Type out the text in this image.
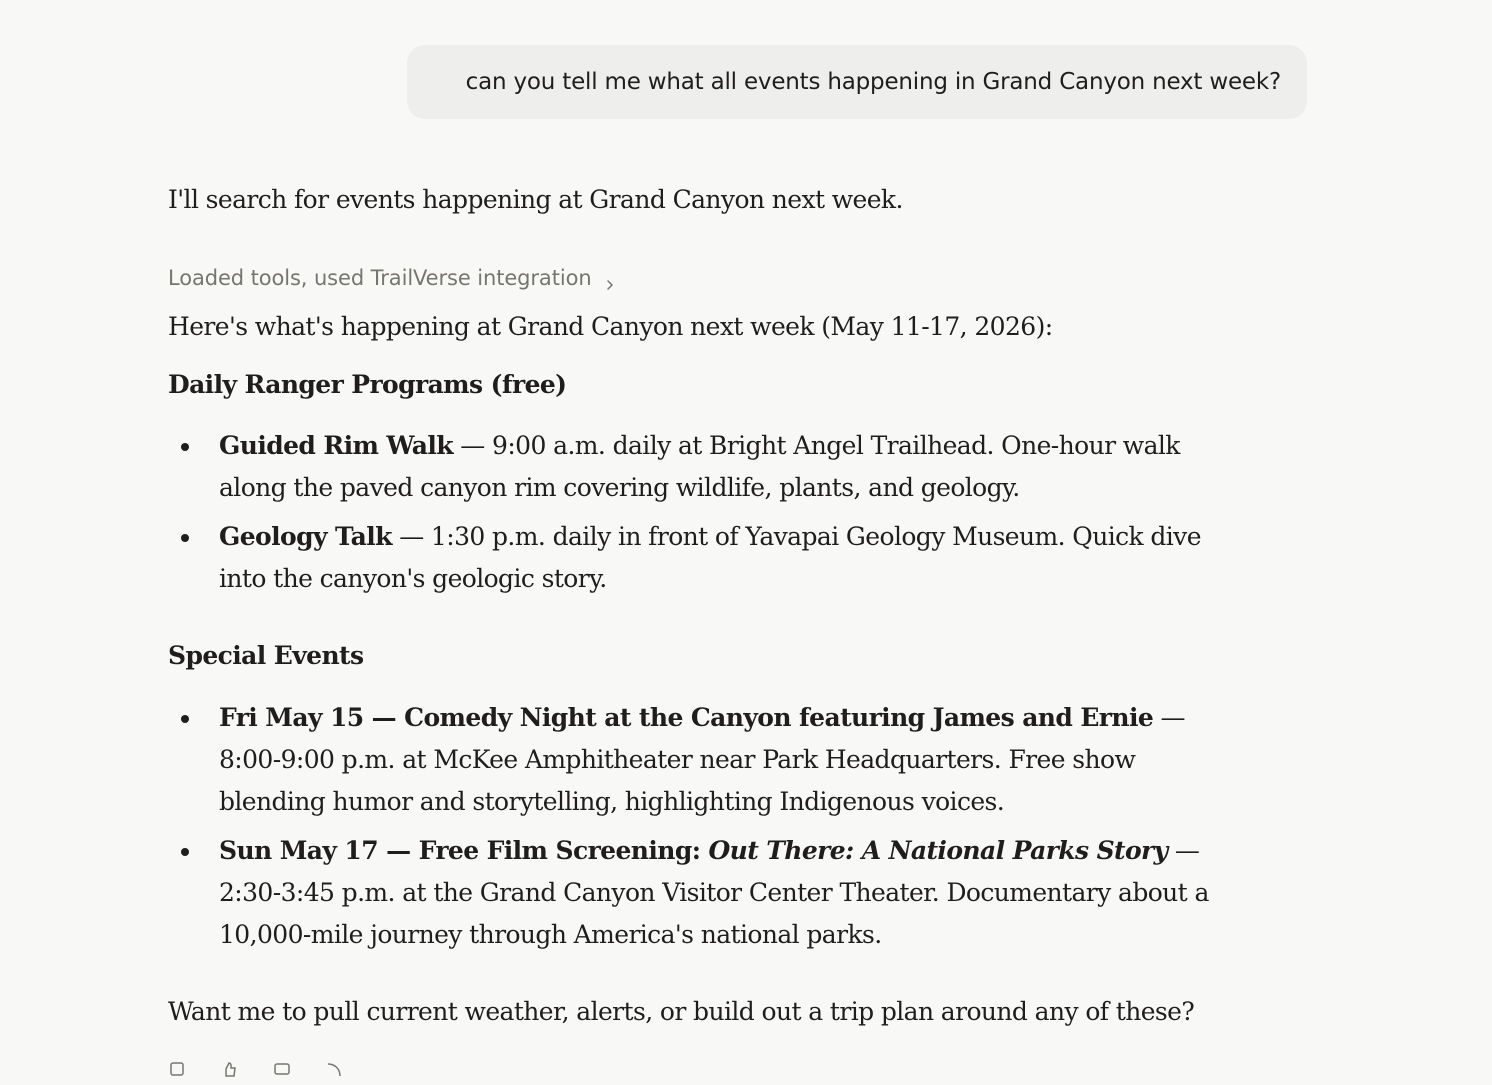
can you tell me what all events happening in Grand Canyon next week?
I'll search for events happening at Grand Canyon next week.
Loaded tools, used TrailVerse integration
Here's what's happening at Grand Canyon next week (May 11-17, 2026):
Daily Ranger Programs (free)
Guided Rim Walk — 9:00 a.m. daily at Bright Angel Trailhead. One-hour walk along the paved canyon rim covering wildlife, plants, and geology.
Geology Talk — 1:30 p.m. daily in front of Yavapai Geology Museum. Quick dive into the canyon's geologic story.
Special Events
Fri May 15 — Comedy Night at the Canyon featuring James and Ernie — 8:00-9:00 p.m. at McKee Amphitheater near Park Headquarters. Free show blending humor and storytelling, highlighting Indigenous voices.
Sun May 17 — Free Film Screening: Out There: A National Parks Story — 2:30-3:45 p.m. at the Grand Canyon Visitor Center Theater. Documentary about a 10,000-mile journey through America's national parks.
Want me to pull current weather, alerts, or build out a trip plan around any of these?
